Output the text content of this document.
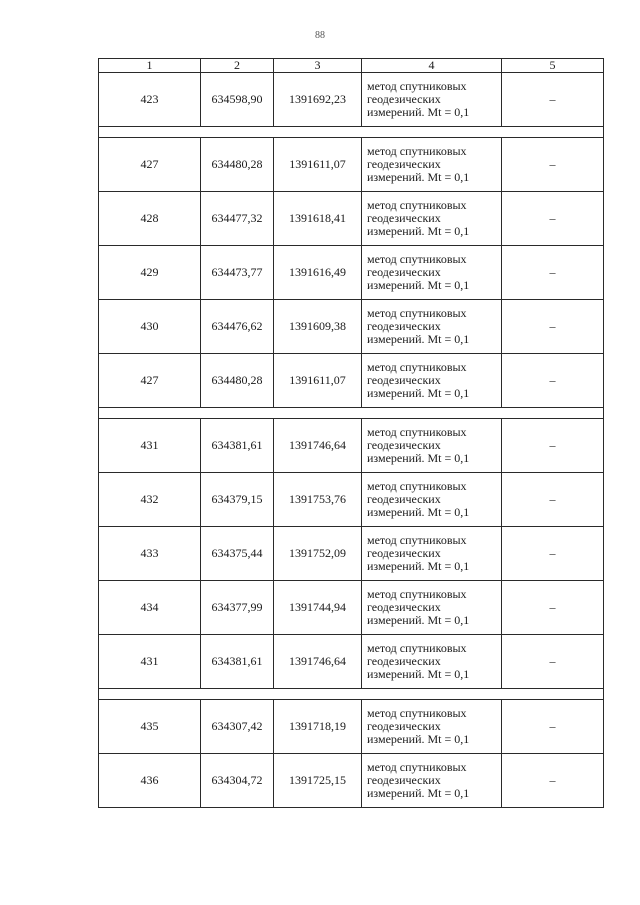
88
1	2	3	4	5
423	634598,90	1391692,23	метод спутниковых
геодезических
измерений. Mt = 0,1	–

427	634480,28	1391611,07	метод спутниковых
геодезических
измерений. Mt = 0,1	–
428	634477,32	1391618,41	метод спутниковых
геодезических
измерений. Mt = 0,1	–
429	634473,77	1391616,49	метод спутниковых
геодезических
измерений. Mt = 0,1	–
430	634476,62	1391609,38	метод спутниковых
геодезических
измерений. Mt = 0,1	–
427	634480,28	1391611,07	метод спутниковых
геодезических
измерений. Mt = 0,1	–

431	634381,61	1391746,64	метод спутниковых
геодезических
измерений. Mt = 0,1	–
432	634379,15	1391753,76	метод спутниковых
геодезических
измерений. Mt = 0,1	–
433	634375,44	1391752,09	метод спутниковых
геодезических
измерений. Mt = 0,1	–
434	634377,99	1391744,94	метод спутниковых
геодезических
измерений. Mt = 0,1	–
431	634381,61	1391746,64	метод спутниковых
геодезических
измерений. Mt = 0,1	–

435	634307,42	1391718,19	метод спутниковых
геодезических
измерений. Mt = 0,1	–
436	634304,72	1391725,15	метод спутниковых
геодезических
измерений. Mt = 0,1	–
